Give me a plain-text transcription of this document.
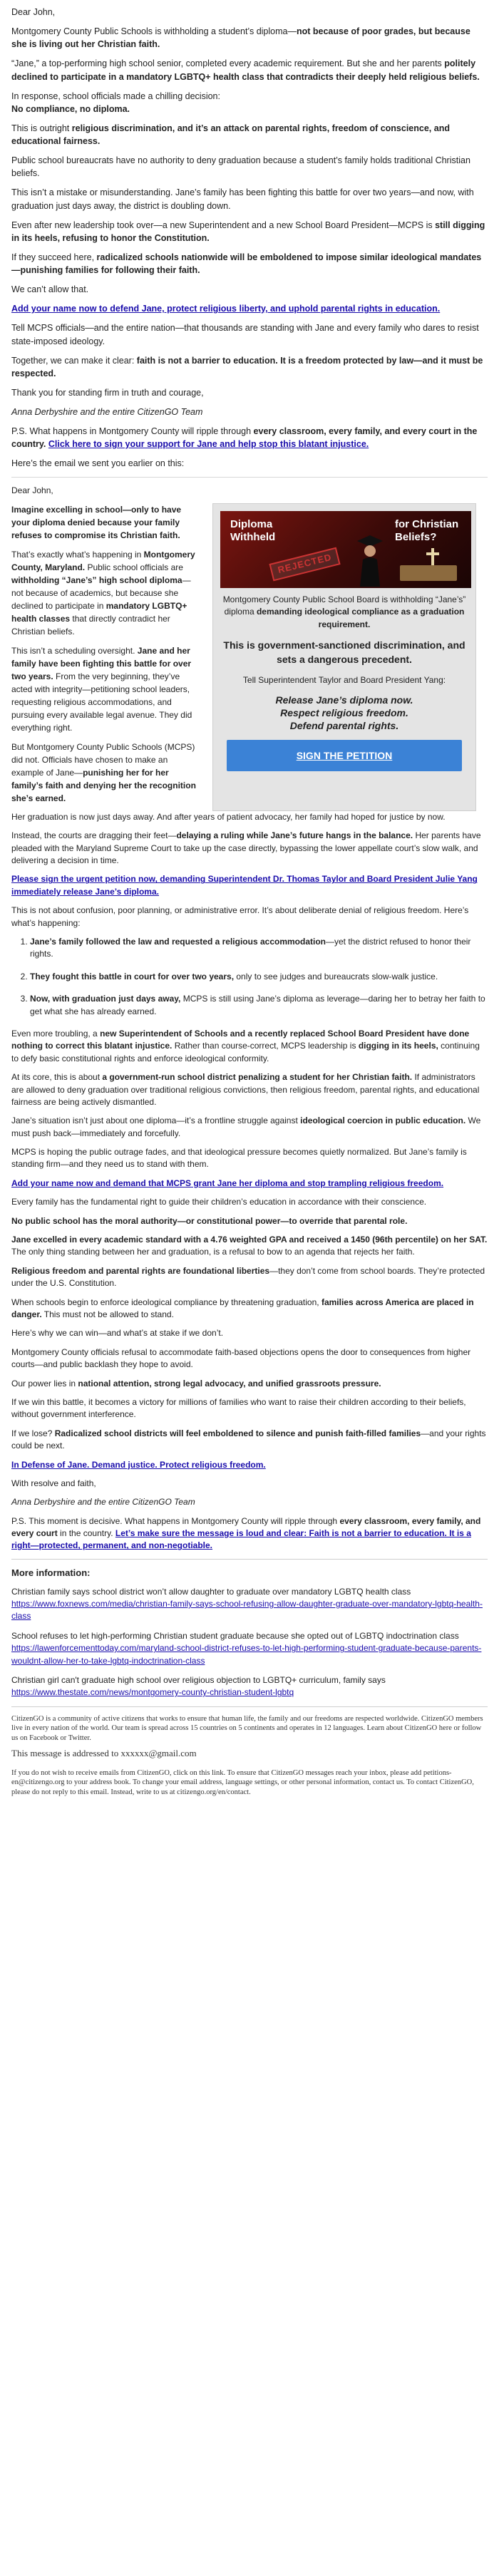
Dear John,

Montgomery County Public Schools is withholding a student’s diploma—not because of poor grades, but because she is living out her Christian faith.

“Jane,” a top-performing high school senior, completed every academic requirement. But she and her parents politely declined to participate in a mandatory LGBTQ+ health class that contradicts their deeply held religious beliefs.

In response, school officials made a chilling decision:
No compliance, no diploma.

This is outright religious discrimination, and it’s an attack on parental rights, freedom of conscience, and educational fairness.

Public school bureaucrats have no authority to deny graduation because a student’s family holds traditional Christian beliefs.

This isn’t a mistake or misunderstanding. Jane’s family has been fighting this battle for over two years—and now, with graduation just days away, the district is doubling down.

Even after new leadership took over—a new Superintendent and a new School Board President—MCPS is still digging in its heels, refusing to honor the Constitution.

If they succeed here, radicalized schools nationwide will be emboldened to impose similar ideological mandates—punishing families for following their faith.

We can’t allow that.

Add your name now to defend Jane, protect religious liberty, and uphold parental rights in education.

Tell MCPS officials—and the entire nation—that thousands are standing with Jane and every family who dares to resist state-imposed ideology.

Together, we can make it clear: faith is not a barrier to education. It is a freedom protected by law—and it must be respected.

Thank you for standing firm in truth and courage,

Anna Derbyshire and the entire CitizenGO Team

P.S. What happens in Montgomery County will ripple through every classroom, every family, and every court in the country. Click here to sign your support for Jane and help stop this blatant injustice.

Here’s the email we sent you earlier on this:

Dear John,

Imagine excelling in school—only to have your diploma denied because your family refuses to compromise its Christian faith.

That’s exactly what’s happening in Montgomery County, Maryland. Public school officials are withholding “Jane’s” high school diploma—not because of academics, but because she declined to participate in mandatory LGBTQ+ health classes that directly contradict her Christian beliefs.

This isn’t a scheduling oversight. Jane and her family have been fighting this battle for over two years. From the very beginning, they’ve acted with integrity—petitioning school leaders, requesting religious accommodations, and pursuing every available legal avenue. They did everything right.

But Montgomery County Public Schools (MCPS) did not. Officials have chosen to make an example of Jane—punishing her for her family’s faith and denying her the recognition she’s earned.

Diploma Withheld
for Christian Beliefs?
REJECTED

Montgomery County Public School Board is withholding “Jane’s” diploma demanding ideological compliance as a graduation requirement.

This is government-sanctioned discrimination, and sets a dangerous precedent.

Tell Superintendent Taylor and Board President Yang:

Release Jane’s diploma now.
Respect religious freedom.
Defend parental rights.

SIGN THE PETITION

Her graduation is now just days away. And after years of patient advocacy, her family had hoped for justice by now.

Instead, the courts are dragging their feet—delaying a ruling while Jane’s future hangs in the balance. Her parents have pleaded with the Maryland Supreme Court to take up the case directly, bypassing the lower appellate court’s slow walk, and delivering a decision in time.

Please sign the urgent petition now, demanding Superintendent Dr. Thomas Taylor and Board President Julie Yang immediately release Jane’s diploma.

This is not about confusion, poor planning, or administrative error. It’s about deliberate denial of religious freedom. Here’s what’s happening:

1. Jane’s family followed the law and requested a religious accommodation—yet the district refused to honor their rights.
2. They fought this battle in court for over two years, only to see judges and bureaucrats slow-walk justice.
3. Now, with graduation just days away, MCPS is still using Jane’s diploma as leverage—daring her to betray her faith to get what she has already earned.

Even more troubling, a new Superintendent of Schools and a recently replaced School Board President have done nothing to correct this blatant injustice. Rather than course-correct, MCPS leadership is digging in its heels, continuing to defy basic constitutional rights and enforce ideological conformity.

At its core, this is about a government-run school district penalizing a student for her Christian faith. If administrators are allowed to deny graduation over traditional religious convictions, then religious freedom, parental rights, and educational fairness are being actively dismantled.

Jane’s situation isn’t just about one diploma—it’s a frontline struggle against ideological coercion in public education. We must push back—immediately and forcefully.

MCPS is hoping the public outrage fades, and that ideological pressure becomes quietly normalized. But Jane’s family is standing firm—and they need us to stand with them.

Add your name now and demand that MCPS grant Jane her diploma and stop trampling religious freedom.

Every family has the fundamental right to guide their children’s education in accordance with their conscience.

No public school has the moral authority—or constitutional power—to override that parental role.

Jane excelled in every academic standard with a 4.76 weighted GPA and received a 1450 (96th percentile) on her SAT. The only thing standing between her and graduation, is a refusal to bow to an agenda that rejects her faith.

Religious freedom and parental rights are foundational liberties—they don’t come from school boards. They’re protected under the U.S. Constitution.

When schools begin to enforce ideological compliance by threatening graduation, families across America are placed in danger. This must not be allowed to stand.

Here’s why we can win—and what’s at stake if we don’t.

Montgomery County officials refusal to accommodate faith-based objections opens the door to consequences from higher courts—and public backlash they hope to avoid.

Our power lies in national attention, strong legal advocacy, and unified grassroots pressure.

If we win this battle, it becomes a victory for millions of families who want to raise their children according to their beliefs, without government interference.

If we lose? Radicalized school districts will feel emboldened to silence and punish faith-filled families—and your rights could be next.

In Defense of Jane. Demand justice. Protect religious freedom.

With resolve and faith,

Anna Derbyshire and the entire CitizenGO Team

P.S. This moment is decisive. What happens in Montgomery County will ripple through every classroom, every family, and every court in the country. Let’s make sure the message is loud and clear: Faith is not a barrier to education. It is a right—protected, permanent, and non-negotiable.

More information:

Christian family says school district won’t allow daughter to graduate over mandatory LGBTQ health class
https://www.foxnews.com/media/christian-family-says-school-refusing-allow-daughter-graduate-over-mandatory-lgbtq-health-class

School refuses to let high-performing Christian student graduate because she opted out of LGBTQ indoctrination class
https://lawenforcementtoday.com/maryland-school-district-refuses-to-let-high-performing-student-graduate-because-parents-wouldnt-allow-her-to-take-lgbtq-indoctrination-class

Christian girl can't graduate high school over religious objection to LGBTQ+ curriculum, family says
https://www.thestate.com/news/montgomery-county-christian-student-lgbtq

CitizenGO is a community of active citizens that works to ensure that human life, the family and our freedoms are respected worldwide. CitizenGO members live in every nation of the world. Our team is spread across 15 countries on 5 continents and operates in 12 languages. Learn about CitizenGO here or follow us on Facebook or Twitter.
This message is addressed to xxxxxx@gmail.com
If you do not wish to receive emails from CitizenGO, click on this link. To ensure that CitizenGO messages reach your inbox, please add petitions-en@citizengo.org to your address book. To change your email address, language settings, or other personal information, contact us. To contact CitizenGO, please do not reply to this email. Instead, write to us at citizengo.org/en/contact.
